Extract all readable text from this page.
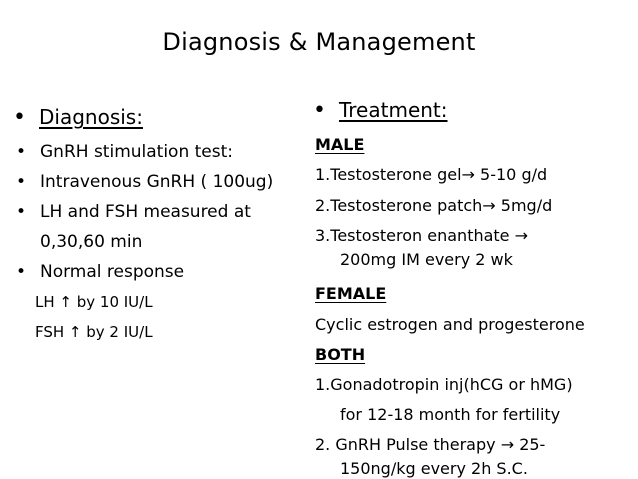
Diagnosis & Management
• Diagnosis:
• GnRH stimulation test:
• Intravenous GnRH ( 100ug)
• LH and FSH measured at
0,30,60 min
• Normal response
LH ↑ by 10 IU/L
FSH ↑ by 2 IU/L
• Treatment:
MALE
1.Testosterone gel→ 5-10 g/d
2.Testosterone patch→ 5mg/d
3.Testosteron enanthate →
200mg IM every 2 wk
FEMALE
Cyclic estrogen and progesterone
BOTH
1.Gonadotropin inj(hCG or hMG)
for 12-18 month for fertility
2. GnRH Pulse therapy → 25-
150ng/kg every 2h S.C.
